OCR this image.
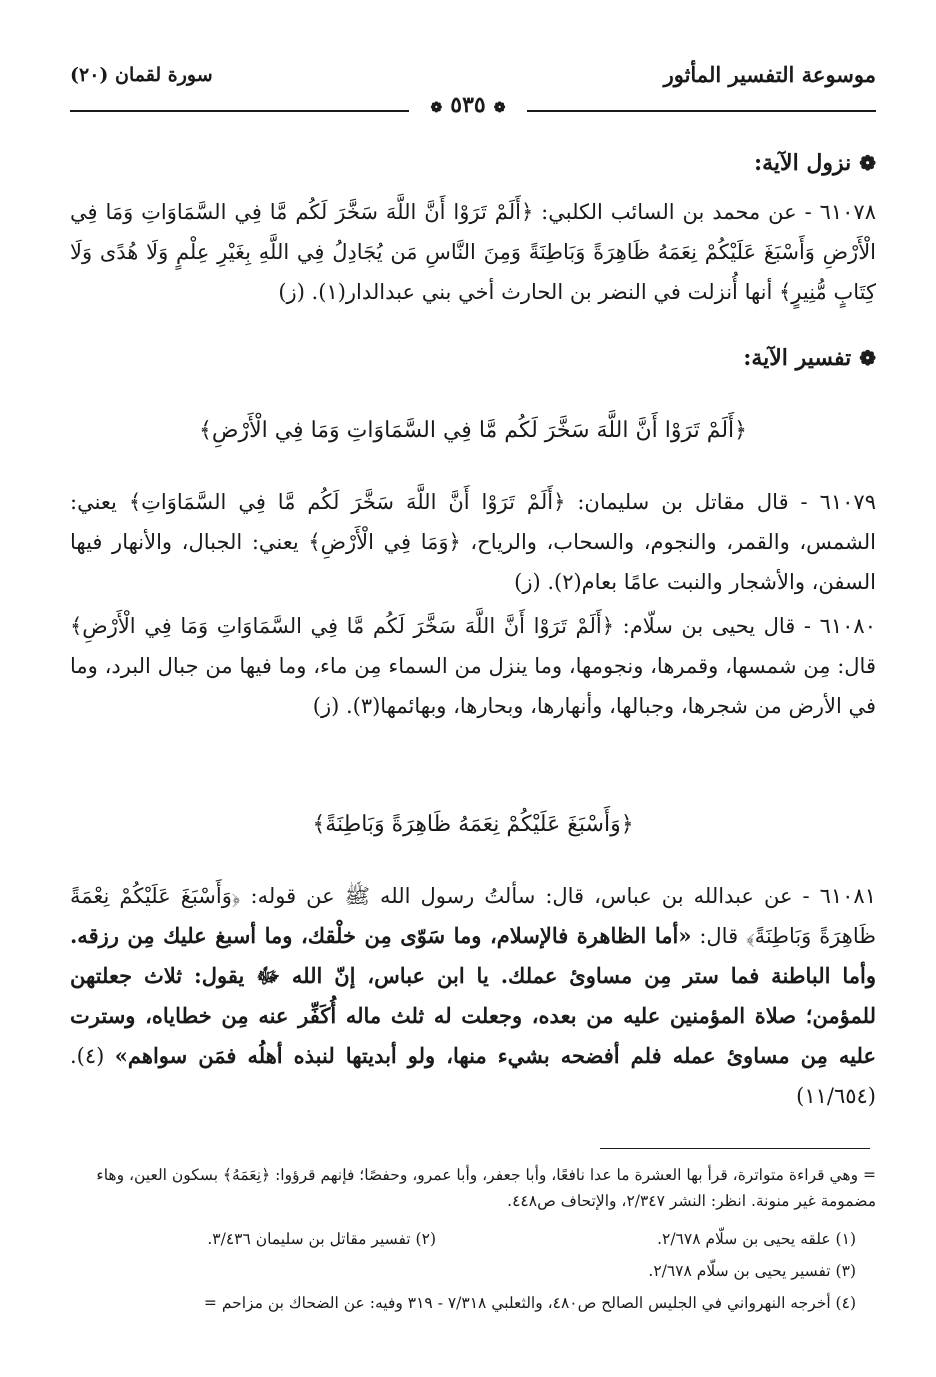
موسوعة التفسير المأثور
سورة لقمان (٢٠)
❁٥٣٥❁
❁نزول الآية:
٦١٠٧٨ - عن محمد بن السائب الكلبي: ﴿أَلَمْ تَرَوْا أَنَّ اللَّهَ سَخَّرَ لَكُم مَّا فِي السَّمَاوَاتِ وَمَا فِي الْأَرْضِ وَأَسْبَغَ عَلَيْكُمْ نِعَمَهُ ظَاهِرَةً وَبَاطِنَةً وَمِنَ النَّاسِ مَن يُجَادِلُ فِي اللَّهِ بِغَيْرِ عِلْمٍ وَلَا هُدًى وَلَا كِتَابٍ مُّنِيرٍ﴾ أنها أُنزلت في النضر بن الحارث أخي بني عبدالدار(١). (ز)
❁تفسير الآية:
﴿أَلَمْ تَرَوْا أَنَّ اللَّهَ سَخَّرَ لَكُم مَّا فِي السَّمَاوَاتِ وَمَا فِي الْأَرْضِ﴾
٦١٠٧٩ - قال مقاتل بن سليمان: ﴿أَلَمْ تَرَوْا أَنَّ اللَّهَ سَخَّرَ لَكُم مَّا فِي السَّمَاوَاتِ﴾ يعني: الشمس، والقمر، والنجوم، والسحاب، والرياح، ﴿وَمَا فِي الْأَرْضِ﴾ يعني: الجبال، والأنهار فيها السفن، والأشجار والنبت عامًا بعام(٢). (ز)
٦١٠٨٠ - قال يحيى بن سلّام: ﴿أَلَمْ تَرَوْا أَنَّ اللَّهَ سَخَّرَ لَكُم مَّا فِي السَّمَاوَاتِ وَمَا فِي الْأَرْضِ﴾ قال: مِن شمسها، وقمرها، ونجومها، وما ينزل من السماء مِن ماء، وما فيها من جبال البرد، وما في الأرض من شجرها، وجبالها، وأنهارها، وبحارها، وبهائمها(٣). (ز)
﴿وَأَسْبَغَ عَلَيْكُمْ نِعَمَهُ ظَاهِرَةً وَبَاطِنَةً﴾
٦١٠٨١ - عن عبدالله بن عباس، قال: سألتُ رسول الله ﷺ عن قوله: ﴿وَأَسْبَغَ عَلَيْكُمْ نِعْمَةً ظَاهِرَةً وَبَاطِنَةً﴾ قال: «أما الظاهرة فالإسلام، وما سَوّى مِن خلْقك، وما أسبغ عليك مِن رزقه. وأما الباطنة فما ستر مِن مساوئ عملك. يا ابن عباس، إنّ الله ﷻ يقول: ثلاث جعلتهن للمؤمن؛ صلاة المؤمنين عليه من بعده، وجعلت له ثلث ماله أُكَفِّر عنه مِن خطاياه، وسترت عليه مِن مساوئ عمله فلم أفضحه بشيء منها، ولو أبديتها لنبذه أهلُه فمَن سواهم» (٤). (١١/٦٥٤)
= وهي قراءة متواترة، قرأ بها العشرة ما عدا نافعًا، وأبا جعفر، وأبا عمرو، وحفصًا؛ فإنهم قرؤوا: ﴿نِعَمَهُ﴾ بسكون العين، وهاء مضمومة غير منونة. انظر: النشر ٢/٣٤٧، والإتحاف ص٤٤٨.
(١) علقه يحيى بن سلّام ٢/٦٧٨.
(٢) تفسير مقاتل بن سليمان ٣/٤٣٦.
(٣) تفسير يحيى بن سلّام ٢/٦٧٨.
(٤) أخرجه النهرواني في الجليس الصالح ص٤٨٠، والثعلبي ٧/٣١٨ - ٣١٩ وفيه: عن الضحاك بن مزاحم =
